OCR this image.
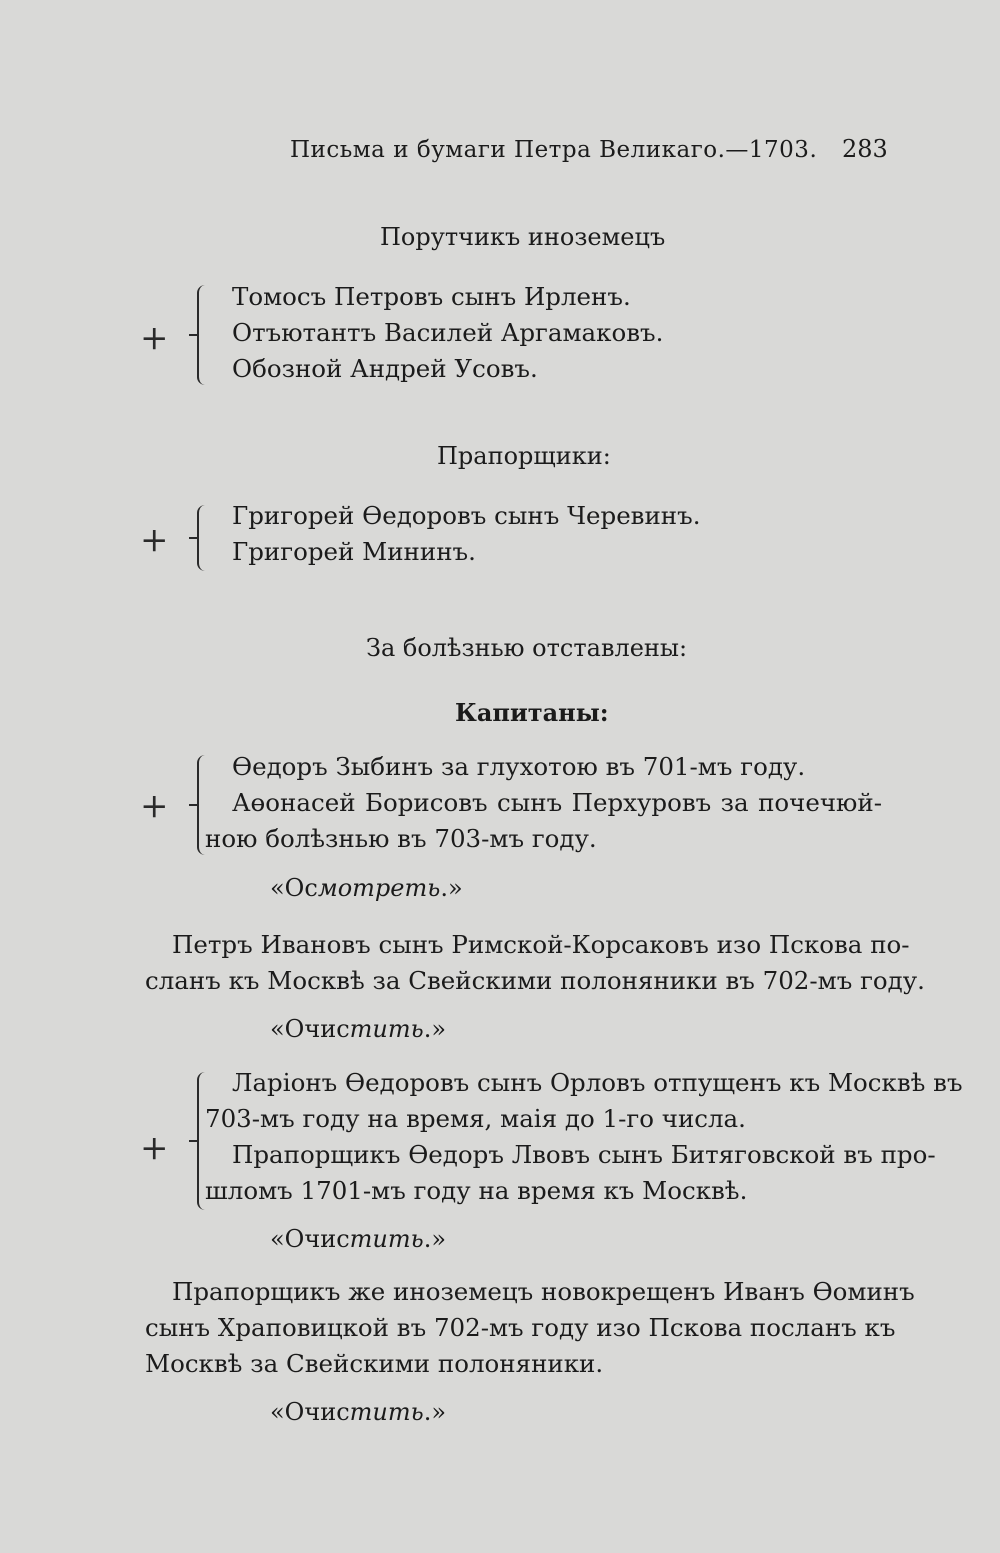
Письма и бумаги Петра Великаго.—1703. 283
Порутчикъ иноземецъ
+
Томосъ Петровъ сынъ Ирленъ.
Отъютантъ Василей Аргамаковъ.
Обозной Андрей Усовъ.
Прапорщики:
+
Григорей Өедоровъ сынъ Черевинъ.
Григорей Мининъ.
За болѣзнью отставлены:
Капитаны:
+
Өедоръ Зыбинъ за глухотою въ 701-мъ году.
Аөонасей Борисовъ сынъ Перхуровъ за почечюй-
ною болѣзнью въ 703-мъ году.
«Осмотреть.»
Петръ Ивановъ сынъ Римской-Корсаковъ изо Пскова по-
сланъ къ Москвѣ за Свейскими полоняники въ 702-мъ году.
«Очистить.»
+
Ларіонъ Өедоровъ сынъ Орловъ отпущенъ къ Москвѣ въ
703-мъ году на время, маія до 1-го числа.
Прапорщикъ Өедоръ Лвовъ сынъ Битяговской въ про-
шломъ 1701-мъ году на время къ Москвѣ.
«Очистить.»
Прапорщикъ же иноземецъ новокрещенъ Иванъ Өоминъ
сынъ Храповицкой въ 702-мъ году изо Пскова посланъ къ
Москвѣ за Свейскими полоняники.
«Очистить.»
